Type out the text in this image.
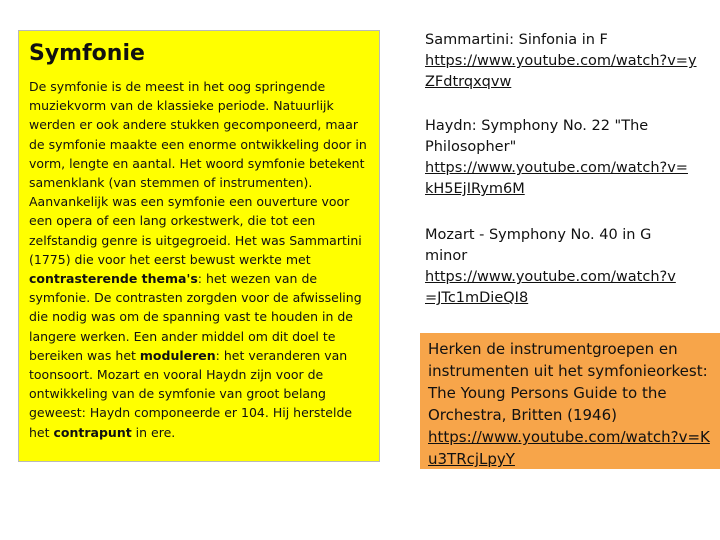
Symfonie
De symfonie is de meest in het oog springende muziekvorm van de klassieke periode. Natuurlijk werden er ook andere stukken gecomponeerd, maar de symfonie maakte een enorme ontwikkeling door in vorm, lengte en aantal. Het woord symfonie betekent samenklank (van stemmen of instrumenten).
Aanvankelijk was een symfonie een ouverture voor een opera of een lang orkestwerk, die tot een zelfstandig genre is uitgegroeid. Het was Sammartini (1775) die voor het eerst bewust werkte met contrasterende thema's: het wezen van de symfonie. De contrasten zorgden voor de afwisseling die nodig was om de spanning vast te houden in de langere werken. Een ander middel om dit doel te bereiken was het moduleren: het veranderen van toonsoort. Mozart en vooral Haydn zijn voor de ontwikkeling van de symfonie van groot belang geweest: Haydn componeerde er 104. Hij herstelde het contrapunt in ere.
Sammartini: Sinfonia in F
https://www.youtube.com/watch?v=yZFdtrqxqvw
Haydn: Symphony No. 22 "The Philosopher"
https://www.youtube.com/watch?v=kH5EjIRym6M
Mozart - Symphony No. 40 in G minor
https://www.youtube.com/watch?v=JTc1mDieQI8
Herken de instrumentgroepen en instrumenten uit het symfonieorkest: The Young Persons Guide to the Orchestra, Britten (1946)
https://www.youtube.com/watch?v=Ku3TRcjLpyY
